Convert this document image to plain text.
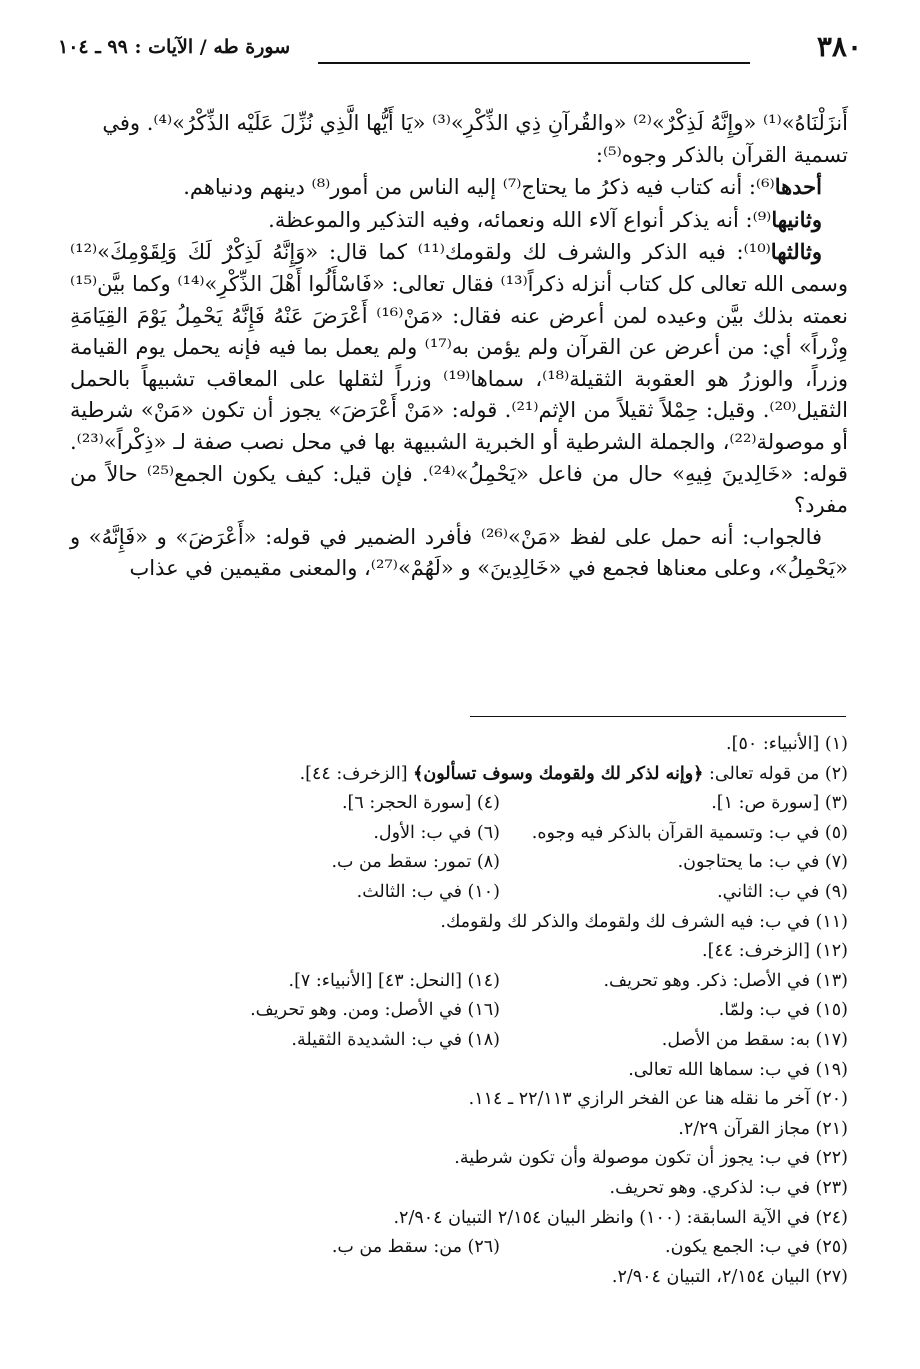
٣٨٠
سورة طه / الآيات : ٩٩ ـ ١٠٤

أَنزَلْنَاهُ»⁽¹⁾ «وإِنَّهُ لَذِكْرٌ»⁽²⁾ «والقُرآنِ ذِي الذِّكْرِ»⁽³⁾ «يَا أَيُّها الَّذِي نُزِّلَ عَلَيْه الذِّكْرُ»⁽⁴⁾. وفي

تسمية القرآن بالذكر وجوه⁽⁵⁾:

أحدها⁽⁶⁾: أنه كتاب فيه ذكرُ ما يحتاج⁽⁷⁾ إليه الناس من أمور⁽⁸⁾ دينهم ودنياهم.

وثانيها⁽⁹⁾: أنه يذكر أنواع آلاء الله ونعمائه، وفيه التذكير والموعظة.

وثالثها⁽¹⁰⁾: فيه الذكر والشرف لك ولقومك⁽¹¹⁾ كما قال: «وَإِنَّهُ لَذِكْرٌ لَكَ وَلِقَوْمِكَ»⁽¹²⁾ وسمى الله تعالى كل كتاب أنزله ذكراً⁽¹³⁾ فقال تعالى: «فَاسْأَلُوا أَهْلَ الذِّكْرِ»⁽¹⁴⁾ وكما بيَّن⁽¹⁵⁾ نعمته بذلك بيَّن وعيده لمن أعرض عنه فقال: «مَنْ⁽¹⁶⁾ أَعْرَضَ عَنْهُ فَإِنَّهُ يَحْمِلُ يَوْمَ القِيَامَةِ وِزْراً» أي: من أعرض عن القرآن ولم يؤمن به⁽¹⁷⁾ ولم يعمل بما فيه فإنه يحمل يوم القيامة وزراً، والوزرُ هو العقوبة الثقيلة⁽¹⁸⁾، سماها⁽¹⁹⁾ وزراً لثقلها على المعاقب تشبيهاً بالحمل الثقيل⁽²⁰⁾. وقيل: حِمْلاً ثقيلاً من الإثم⁽²¹⁾. قوله: «مَنْ أَعْرَضَ» يجوز أن تكون «مَنْ» شرطية أو موصولة⁽²²⁾، والجملة الشرطية أو الخبرية الشبيهة بها في محل نصب صفة لـ «ذِكْراً»⁽²³⁾. قوله: «خَالِدينَ فِيهِ» حال من فاعل «يَحْمِلُ»⁽²⁴⁾. فإن قيل: كيف يكون الجمع⁽²⁵⁾ حالاً من مفرد؟

فالجواب: أنه حمل على لفظ «مَنْ»⁽²⁶⁾ فأفرد الضمير في قوله: «أَعْرَضَ» و «فَإِنَّهُ» و «يَحْمِلُ»، وعلى معناها فجمع في «خَالِدِينَ» و «لَهُمْ»⁽²⁷⁾، والمعنى مقيمين في عذاب

(١) [الأنبياء: ٥٠].
(٢) من قوله تعالى: ﴿وإنه لذكر لك ولقومك وسوف تسألون﴾ [الزخرف: ٤٤].
(٣) [سورة ص: ١].
(٤) [سورة الحجر: ٦].
(٥) في ب: وتسمية القرآن بالذكر فيه وجوه.
(٦) في ب: الأول.
(٧) في ب: ما يحتاجون.
(٨) تمور: سقط من ب.
(٩) في ب: الثاني.
(١٠) في ب: الثالث.
(١١) في ب: فيه الشرف لك ولقومك والذكر لك ولقومك.
(١٢) [الزخرف: ٤٤].
(١٣) في الأصل: ذكر. وهو تحريف.
(١٤) [النحل: ٤٣] [الأنبياء: ٧].
(١٥) في ب: ولمّا.
(١٦) في الأصل: ومن. وهو تحريف.
(١٧) به: سقط من الأصل.
(١٨) في ب: الشديدة الثقيلة.
(١٩) في ب: سماها الله تعالى.
(٢٠) آخر ما نقله هنا عن الفخر الرازي ٢٢/١١٣ ـ ١١٤.
(٢١) مجاز القرآن ٢/٢٩.
(٢٢) في ب: يجوز أن تكون موصولة وأن تكون شرطية.
(٢٣) في ب: لذكري. وهو تحريف.
(٢٤) في الآية السابقة: (١٠٠) وانظر البيان ٢/١٥٤ التبيان ٢/٩٠٤.
(٢٥) في ب: الجمع يكون.
(٢٦) من: سقط من ب.
(٢٧) البيان ٢/١٥٤، التبيان ٢/٩٠٤.
